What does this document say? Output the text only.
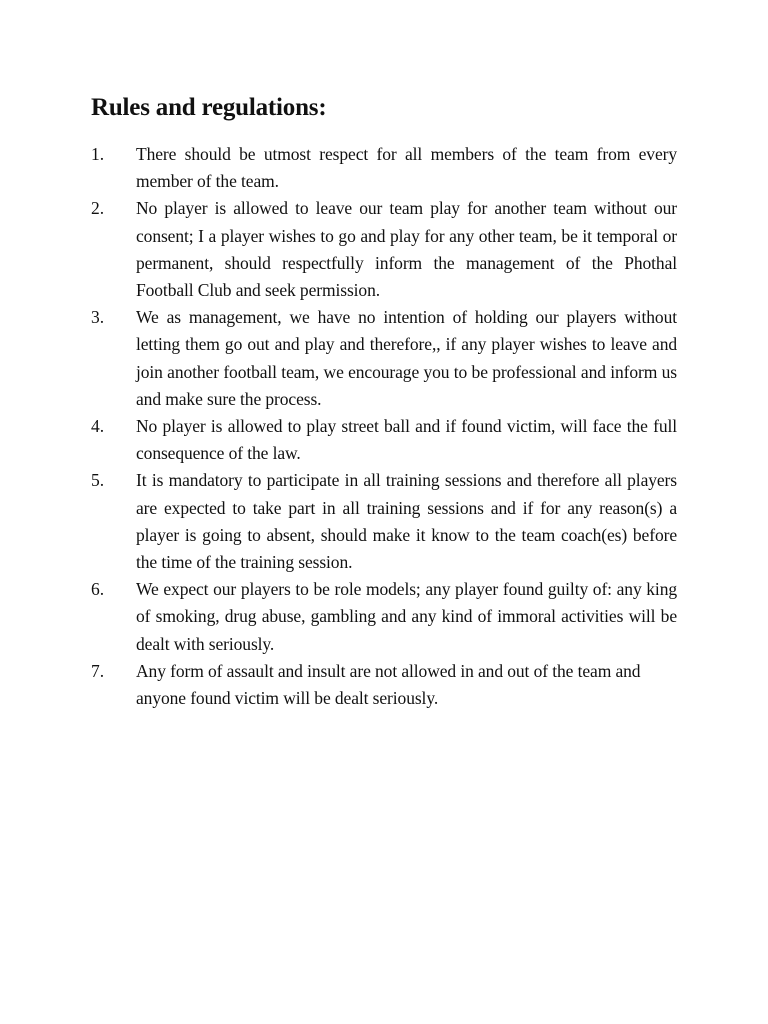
Rules and regulations:
1. There should be utmost respect for all members of the team from every member of the team.
2. No player is allowed to leave our team play for another team without our consent; I a player wishes to go and play for any other team, be it temporal or permanent, should respectfully inform the management of the Phothal Football Club and seek permission.
3. We as management, we have no intention of holding our players without letting them go out and play and therefore,, if any player wishes to leave and join another football team, we encourage you to be professional and inform us and make sure the process.
4. No player is allowed to play street ball and if found victim, will face the full consequence of the law.
5. It is mandatory to participate in all training sessions and therefore all players are expected to take part in all training sessions and if for any reason(s) a player is going to absent, should make it know to the team coach(es) before the time of the training session.
6. We expect our players to be role models; any player found guilty of: any king of smoking, drug abuse, gambling and any kind of immoral activities will be dealt with seriously.
7. Any form of assault and insult are not allowed in and out of the team and anyone found victim will be dealt seriously.
